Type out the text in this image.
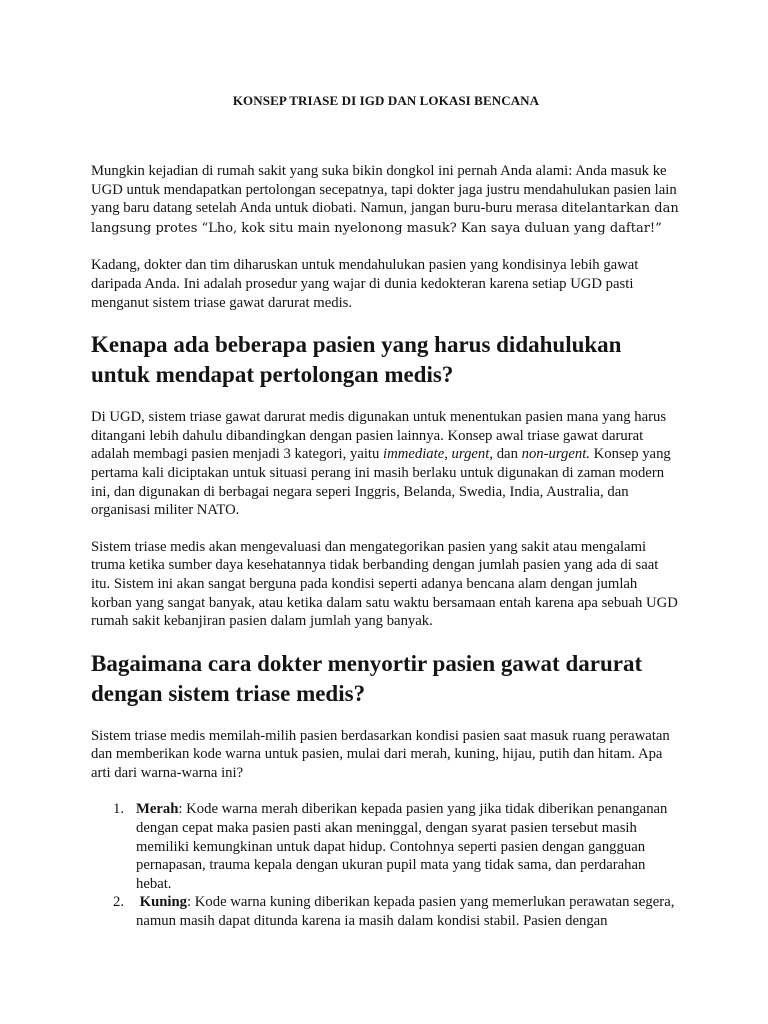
KONSEP TRIASE DI IGD DAN LOKASI BENCANA

Mungkin kejadian di rumah sakit yang suka bikin dongkol ini pernah Anda alami: Anda masuk ke UGD untuk mendapatkan pertolongan secepatnya, tapi dokter jaga justru mendahulukan pasien lain yang baru datang setelah Anda untuk diobati. Namun, jangan buru-buru merasa ditelantarkan dan langsung protes “Lho, kok situ main nyelonong masuk? Kan saya duluan yang daftar!”

Kadang, dokter dan tim diharuskan untuk mendahulukan pasien yang kondisinya lebih gawat daripada Anda. Ini adalah prosedur yang wajar di dunia kedokteran karena setiap UGD pasti menganut sistem triase gawat darurat medis.

Kenapa ada beberapa pasien yang harus didahulukan untuk mendapat pertolongan medis?

Di UGD, sistem triase gawat darurat medis digunakan untuk menentukan pasien mana yang harus ditangani lebih dahulu dibandingkan dengan pasien lainnya. Konsep awal triase gawat darurat adalah membagi pasien menjadi 3 kategori, yaitu immediate, urgent, dan non-urgent. Konsep yang pertama kali diciptakan untuk situasi perang ini masih berlaku untuk digunakan di zaman modern ini, dan digunakan di berbagai negara seperi Inggris, Belanda, Swedia, India, Australia, dan organisasi militer NATO.

Sistem triase medis akan mengevaluasi dan mengategorikan pasien yang sakit atau mengalami truma ketika sumber daya kesehatannya tidak berbanding dengan jumlah pasien yang ada di saat itu. Sistem ini akan sangat berguna pada kondisi seperti adanya bencana alam dengan jumlah korban yang sangat banyak, atau ketika dalam satu waktu bersamaan entah karena apa sebuah UGD rumah sakit kebanjiran pasien dalam jumlah yang banyak.

Bagaimana cara dokter menyortir pasien gawat darurat dengan sistem triase medis?

Sistem triase medis memilah-milih pasien berdasarkan kondisi pasien saat masuk ruang perawatan dan memberikan kode warna untuk pasien, mulai dari merah, kuning, hijau, putih dan hitam. Apa arti dari warna-warna ini?

1. Merah: Kode warna merah diberikan kepada pasien yang jika tidak diberikan penanganan dengan cepat maka pasien pasti akan meninggal, dengan syarat pasien tersebut masih memiliki kemungkinan untuk dapat hidup. Contohnya seperti pasien dengan gangguan pernapasan, trauma kepala dengan ukuran pupil mata yang tidak sama, dan perdarahan hebat.
2. Kuning: Kode warna kuning diberikan kepada pasien yang memerlukan perawatan segera, namun masih dapat ditunda karena ia masih dalam kondisi stabil. Pasien dengan
